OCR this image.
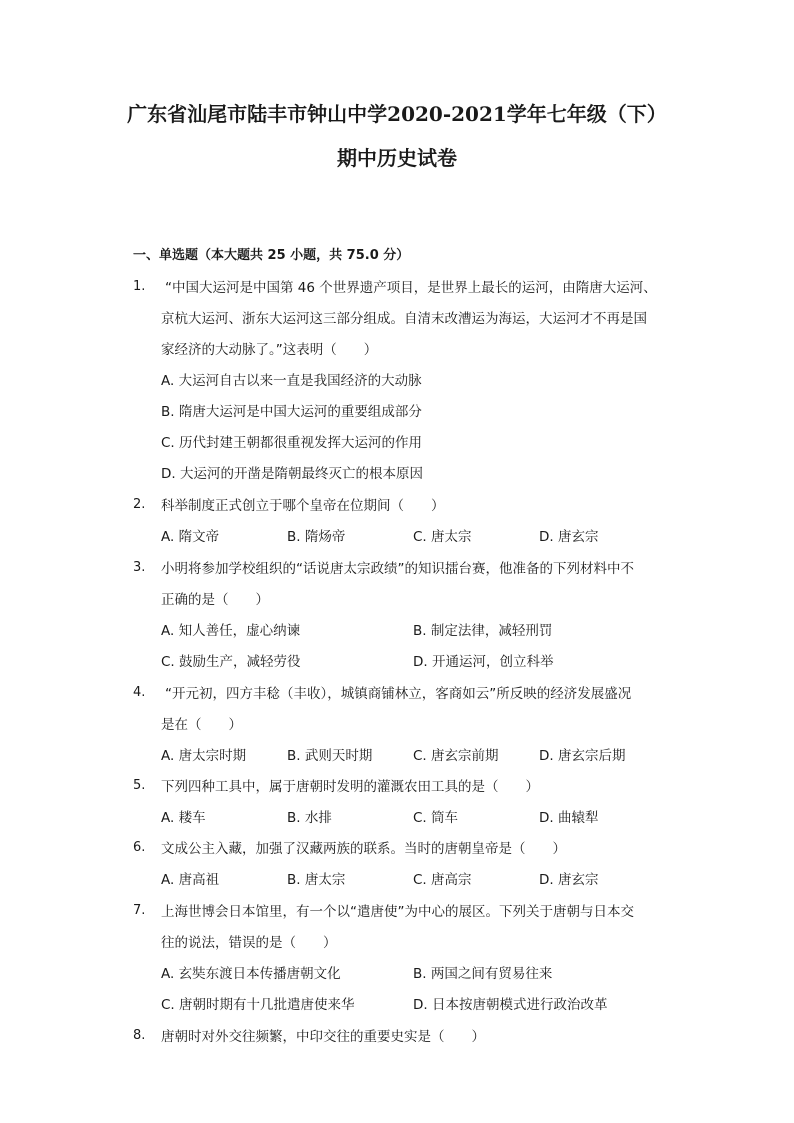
广东省汕尾市陆丰市钟山中学2020-2021学年七年级（下）
期中历史试卷
一、单选题（本大题共 25 小题，共 75.0 分）
1. “中国大运河是中国第 46 个世界遗产项目，是世界上最长的运河，由隋唐大运河、
京杭大运河、浙东大运河这三部分组成。自清末改漕运为海运，大运河才不再是国
家经济的大动脉了。”这表明（　　）
A. 大运河自古以来一直是我国经济的大动脉
B. 隋唐大运河是中国大运河的重要组成部分
C. 历代封建王朝都很重视发挥大运河的作用
D. 大运河的开凿是隋朝最终灭亡的根本原因
2. 科举制度正式创立于哪个皇帝在位期间（　　）
A. 隋文帝	B. 隋炀帝	C. 唐太宗	D. 唐玄宗
3. 小明将参加学校组织的“话说唐太宗政绩”的知识擂台赛，他准备的下列材料中不
正确的是（　　）
A. 知人善任，虚心纳谏	B. 制定法律，减轻刑罚
C. 鼓励生产，减轻劳役	D. 开通运河，创立科举
4. “开元初，四方丰稔（丰收），城镇商铺林立，客商如云”所反映的经济发展盛况
是在（　　）
A. 唐太宗时期	B. 武则天时期	C. 唐玄宗前期	D. 唐玄宗后期
5. 下列四种工具中，属于唐朝时发明的灌溉农田工具的是（　　）
A. 耧车	B. 水排	C. 筒车	D. 曲辕犁
6. 文成公主入藏，加强了汉藏两族的联系。当时的唐朝皇帝是（　　）
A. 唐高祖	B. 唐太宗	C. 唐高宗	D. 唐玄宗
7. 上海世博会日本馆里，有一个以“遣唐使”为中心的展区。下列关于唐朝与日本交
往的说法，错误的是（　　）
A. 玄奘东渡日本传播唐朝文化	B. 两国之间有贸易往来
C. 唐朝时期有十几批遣唐使来华	D. 日本按唐朝模式进行政治改革
8. 唐朝时对外交往频繁，中印交往的重要史实是（　　）
